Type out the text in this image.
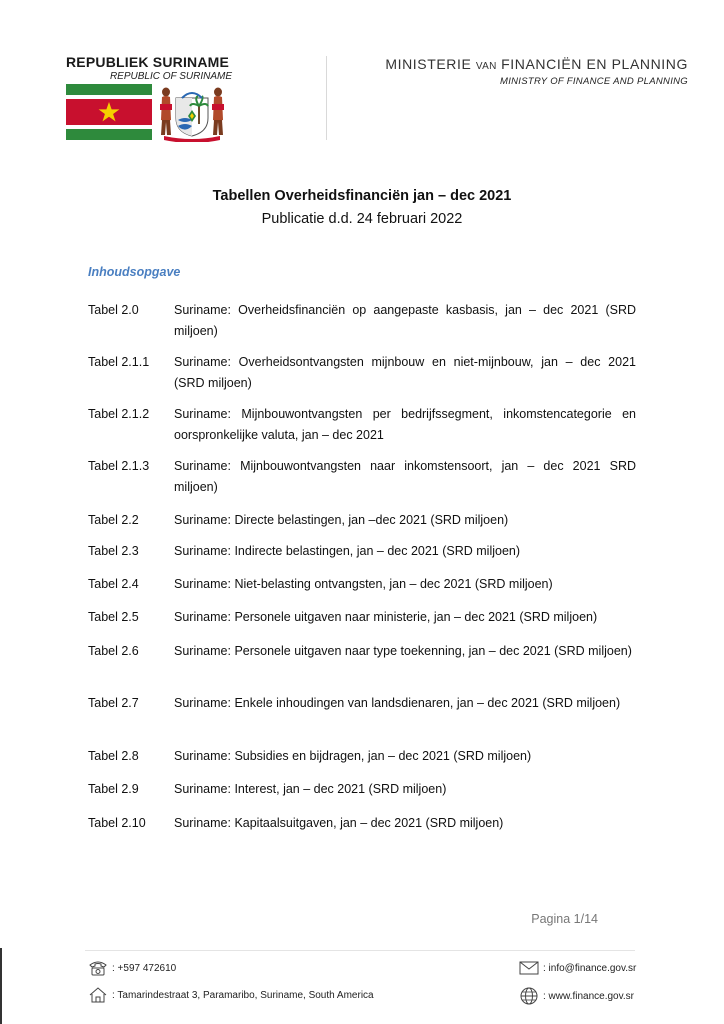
REPUBLIEK SURINAME
REPUBLIC OF SURINAME
MINISTERIE VAN FINANCIËN EN PLANNING
MINISTRY OF FINANCE AND PLANNING
Tabellen Overheidsfinanciën jan – dec 2021
Publicatie d.d. 24 februari 2022
Inhoudsopgave
Tabel 2.0	Suriname: Overheidsfinanciën op aangepaste kasbasis, jan – dec 2021 (SRD miljoen)
Tabel 2.1.1	Suriname: Overheidsontvangsten mijnbouw en niet-mijnbouw, jan – dec 2021 (SRD miljoen)
Tabel 2.1.2	Suriname: Mijnbouwontvangsten per bedrijfssegment, inkomstencategorie en oorspronkelijke valuta, jan – dec 2021
Tabel 2.1.3	Suriname: Mijnbouwontvangsten naar inkomstensoort, jan – dec 2021 SRD miljoen)
Tabel 2.2	Suriname: Directe belastingen, jan –dec 2021 (SRD miljoen)
Tabel 2.3	Suriname: Indirecte belastingen, jan – dec 2021 (SRD miljoen)
Tabel 2.4	Suriname: Niet-belasting ontvangsten, jan – dec 2021 (SRD miljoen)
Tabel 2.5	Suriname: Personele uitgaven naar ministerie, jan – dec 2021 (SRD miljoen)
Tabel 2.6	Suriname: Personele uitgaven naar type toekenning, jan – dec 2021 (SRD miljoen)
Tabel 2.7	Suriname: Enkele inhoudingen van landsdienaren, jan – dec 2021 (SRD miljoen)
Tabel 2.8	Suriname: Subsidies en bijdragen, jan – dec 2021 (SRD miljoen)
Tabel 2.9	Suriname: Interest, jan – dec 2021 (SRD miljoen)
Tabel 2.10	Suriname: Kapitaalsuitgaven, jan – dec 2021 (SRD miljoen)
Pagina 1/14
: +597 472610
: Tamarindestraat 3, Paramaribo, Suriname, South America
: info@finance.gov.sr
: www.finance.gov.sr
